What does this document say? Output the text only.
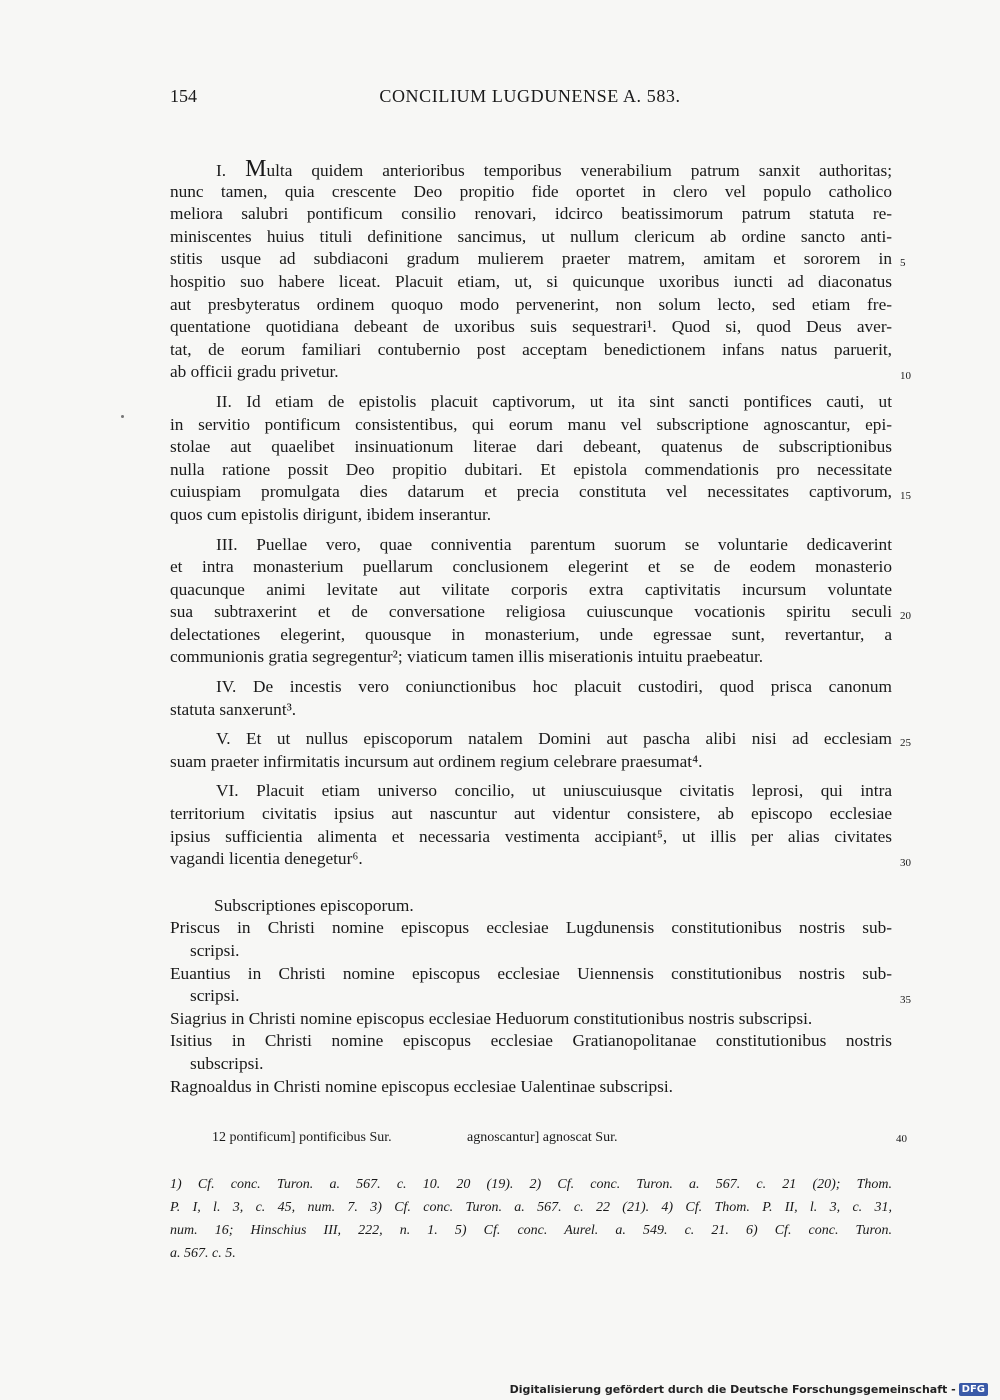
154	CONCILIUM LUGDUNENSE A. 583.
I. Multa quidem anterioribus temporibus venerabilium patrum sanxit authoritas;
nunc tamen, quia crescente Deo propitio fide oportet in clero vel populo catholico
meliora salubri pontificum consilio renovari, idcirco beatissimorum patrum statuta re-
miniscentes huius tituli definitione sancimus, ut nullum clericum ab ordine sancto anti-
stitis usque ad subdiaconi gradum mulierem praeter matrem, amitam et sororem in 5
hospitio suo habere liceat. Placuit etiam, ut, si quicunque uxoribus iuncti ad diaconatus
aut presbyteratus ordinem quoquo modo pervenerint, non solum lecto, sed etiam fre-
quentatione quotidiana debeant de uxoribus suis sequestrari¹. Quod si, quod Deus aver-
tat, de eorum familiari contubernio post acceptam benedictionem infans natus paruerit,
ab officii gradu privetur.	10
II. Id etiam de epistolis placuit captivorum, ut ita sint sancti pontifices cauti, ut
in servitio pontificum consistentibus, qui eorum manu vel subscriptione agnoscantur, epi-
stolae aut quaelibet insinuationum literae dari debeant, quatenus de subscriptionibus
nulla ratione possit Deo propitio dubitari. Et epistola commendationis pro necessitate
cuiuspiam promulgata dies datarum et precia constituta vel necessitates captivorum, 15
quos cum epistolis dirigunt, ibidem inserantur.
III. Puellae vero, quae conniventia parentum suorum se voluntarie dedicaverint
et intra monasterium puellarum conclusionem elegerint et se de eodem monasterio
quacunque animi levitate aut vilitate corporis extra captivitatis incursum voluntate
sua subtraxerint et de conversatione religiosa cuiuscunque vocationis spiritu seculi 20
delectationes elegerint, quousque in monasterium, unde egressae sunt, revertantur, a
communionis gratia segregentur²; viaticum tamen illis miserationis intuitu praebeatur.
IV. De incestis vero coniunctionibus hoc placuit custodiri, quod prisca canonum
statuta sanxerunt³.
V. Et ut nullus episcoporum natalem Domini aut pascha alibi nisi ad ecclesiam 25
suam praeter infirmitatis incursum aut ordinem regium celebrare praesumat⁴.
VI. Placuit etiam universo concilio, ut uniuscuiusque civitatis leprosi, qui intra
territorium civitatis ipsius aut nascuntur aut videntur consistere, ab episcopo ecclesiae
ipsius sufficientia alimenta et necessaria vestimenta accipiant⁵, ut illis per alias civitates
vagandi licentia denegetur⁶.	30
Subscriptiones episcoporum.
Priscus in Christi nomine episcopus ecclesiae Lugdunensis constitutionibus nostris sub-
scripsi.
Euantius in Christi nomine episcopus ecclesiae Uiennensis constitutionibus nostris sub-
scripsi.	35
Siagrius in Christi nomine episcopus ecclesiae Heduorum constitutionibus nostris subscripsi.
Isitius in Christi nomine episcopus ecclesiae Gratianopolitanae constitutionibus nostris
subscripsi.
Ragnoaldus in Christi nomine episcopus ecclesiae Ualentinae subscripsi.
12 pontificum] pontificibus Sur.	agnoscantur] agnoscat Sur.	40
1) Cf. conc. Turon. a. 567. c. 10. 20 (19). 2) Cf. conc. Turon. a. 567. c. 21 (20); Thom.
P. I, l. 3, c. 45, num. 7. 3) Cf. conc. Turon. a. 567. c. 22 (21). 4) Cf. Thom. P. II, l. 3, c. 31,
num. 16; Hinschius III, 222, n. 1. 5) Cf. conc. Aurel. a. 549. c. 21. 6) Cf. conc. Turon.
a. 567. c. 5.
Digitalisierung gefördert durch die Deutsche Forschungsgemeinschaft - DFG
